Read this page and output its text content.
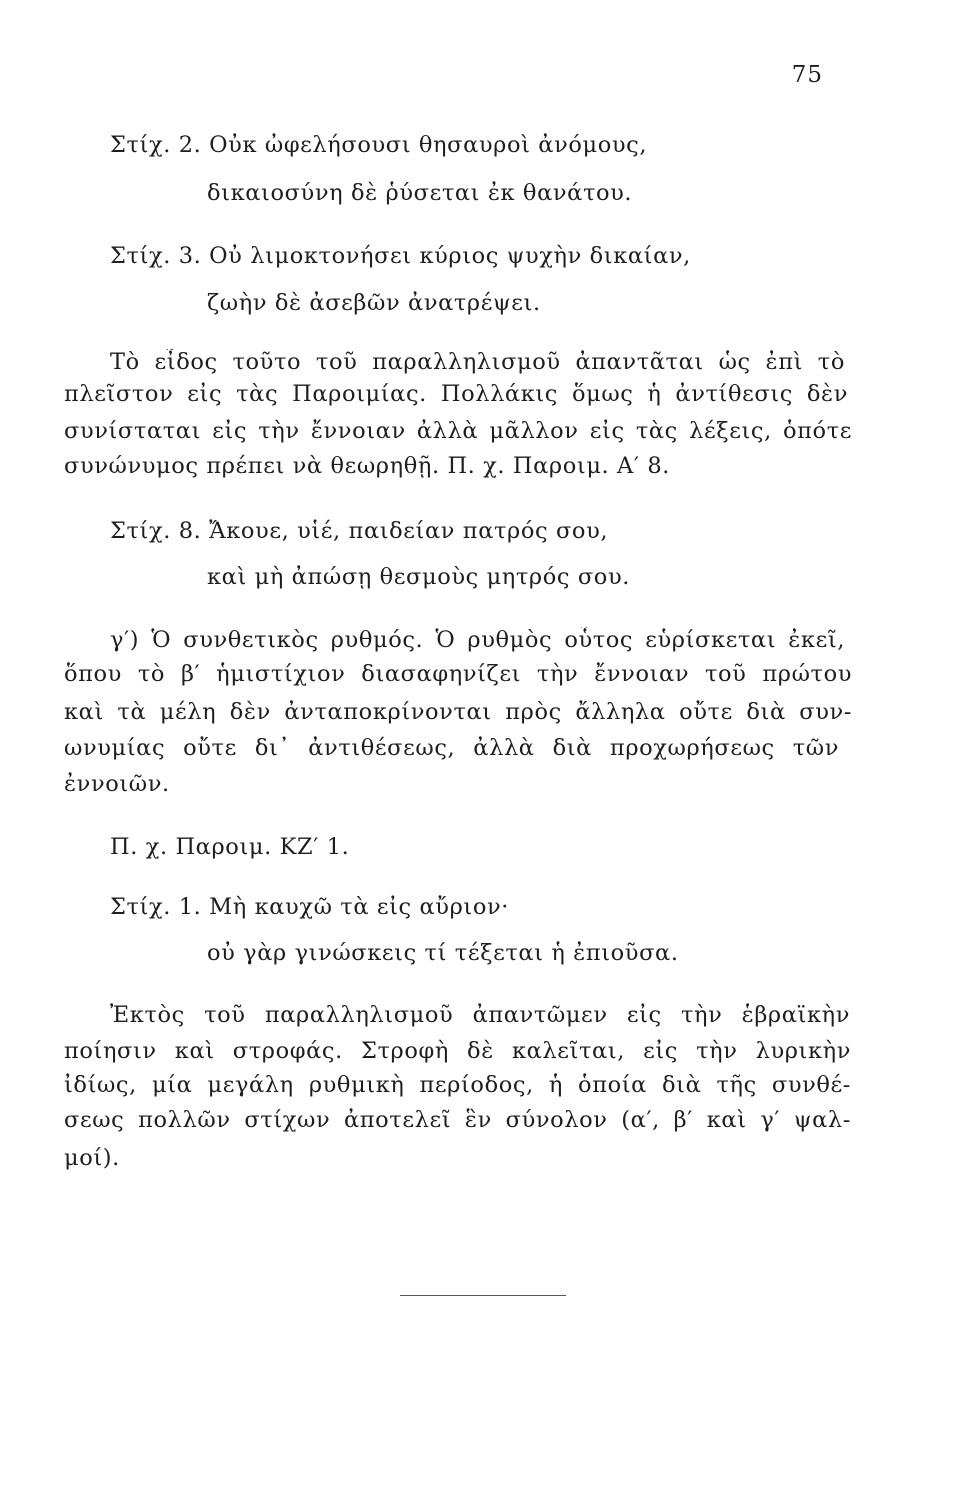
75
Στίχ. 2. Οὐκ ὠφελήσουσι θησαυροὶ ἀνόμους,
δικαιοσύνη δὲ ῥύσεται ἐκ θανάτου.
Στίχ. 3. Οὐ λιμοκτονήσει κύριος ψυχὴν δικαίαν,
ζωὴν δὲ ἀσεβῶν ἀνατρέψει.
Τὸ εἶδος τοῦτο τοῦ παραλληλισμοῦ ἀπαντᾶται ὡς ἐπὶ τὸ
πλεῖστον εἰς τὰς Παροιμίας. Πολλάκις ὅμως ἡ ἀντίθεσις δὲν
συνίσταται εἰς τὴν ἔννοιαν ἀλλὰ μᾶλλον εἰς τὰς λέξεις, ὁπότε
συνώνυμος πρέπει νὰ θεωρηθῇ. Π. χ. Παροιμ. Α′ 8.
Στίχ. 8. Ἄκουε, υἱέ, παιδείαν πατρός σου,
καὶ μὴ ἀπώσῃ θεσμοὺς μητρός σου.
γ′) Ὁ συνθετικὸς ρυθμός. Ὁ ρυθμὸς οὗτος εὑρίσκεται ἐκεῖ,
ὅπου τὸ β′ ἡμιστίχιον διασαφηνίζει τὴν ἔννοιαν τοῦ πρώτου
καὶ τὰ μέλη δὲν ἀνταποκρίνονται πρὸς ἄλληλα οὔτε διὰ συν-
ωνυμίας οὔτε δι᾿ ἀντιθέσεως, ἀλλὰ διὰ προχωρήσεως τῶν
ἐννοιῶν.
Π. χ. Παροιμ. ΚΖ′ 1.
Στίχ. 1. Μὴ καυχῶ τὰ εἰς αὔριον·
οὐ γὰρ γινώσκεις τί τέξεται ἡ ἐπιοῦσα.
Ἐκτὸς τοῦ παραλληλισμοῦ ἀπαντῶμεν εἰς τὴν ἑβραϊκὴν
ποίησιν καὶ στροφάς. Στροφὴ δὲ καλεῖται, εἰς τὴν λυρικὴν
ἰδίως, μία μεγάλη ρυθμικὴ περίοδος, ἡ ὁποία διὰ τῆς συνθέ-
σεως πολλῶν στίχων ἀποτελεῖ ἓν σύνολον (α′, β′ καὶ γ′ ψαλ-
μοί).
